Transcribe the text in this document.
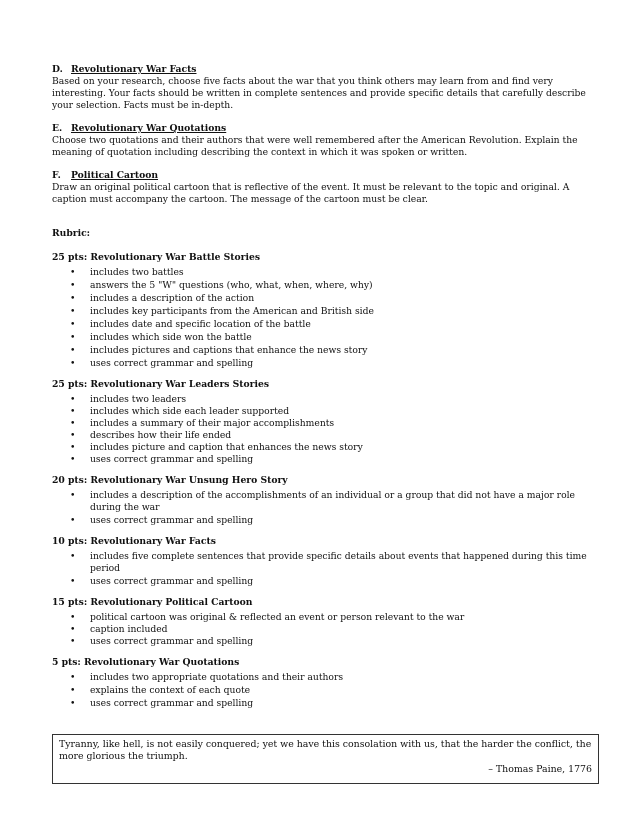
D. Revolutionary War Facts

Based on your research, choose five facts about the war that you think others may learn from and find very interesting. Your facts should be written in complete sentences and provide specific details that carefully describe your selection. Facts must be in-depth.

E. Revolutionary War Quotations

Choose two quotations and their authors that were well remembered after the American Revolution. Explain the meaning of quotation including describing the context in which it was spoken or written.

F. Political Cartoon

Draw an original political cartoon that is reflective of the event. It must be relevant to the topic and original. A caption must accompany the cartoon. The message of the cartoon must be clear.

Rubric:

25 pts: Revolutionary War Battle Stories

• includes two battles
• answers the 5 "W" questions (who, what, when, where, why)
• includes a description of the action
• includes key participants from the American and British side
• includes date and specific location of the battle
• includes which side won the battle
• includes pictures and captions that enhance the news story
• uses correct grammar and spelling

25 pts: Revolutionary War Leaders Stories

• includes two leaders
• includes which side each leader supported
• includes a summary of their major accomplishments
• describes how their life ended
• includes picture and caption that enhances the news story
• uses correct grammar and spelling

20 pts: Revolutionary War Unsung Hero Story

• includes a description of the accomplishments of an individual or a group that did not have a major role during the war
• uses correct grammar and spelling

10 pts: Revolutionary War Facts

• includes five complete sentences that provide specific details about events that happened during this time period
• uses correct grammar and spelling

15 pts: Revolutionary Political Cartoon

• political cartoon was original & reflected an event or person relevant to the war
• caption included
• uses correct grammar and spelling

5 pts: Revolutionary War Quotations

• includes two appropriate quotations and their authors
• explains the context of each quote
• uses correct grammar and spelling

Tyranny, like hell, is not easily conquered; yet we have this consolation with us, that the harder the conflict, the more glorious the triumph.

– Thomas Paine, 1776
